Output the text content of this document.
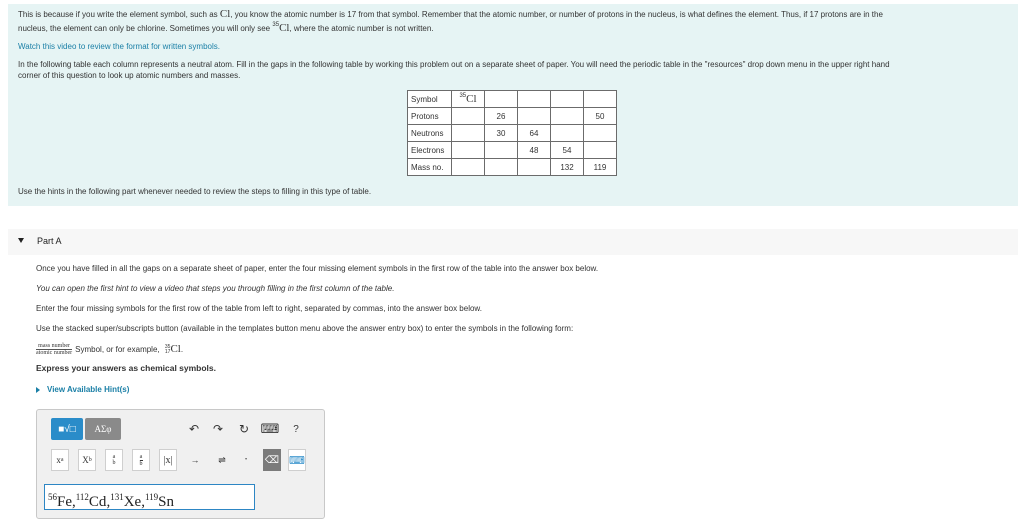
This is because if you write the element symbol, such as Cl, you know the atomic number is 17 from that symbol. Remember that the atomic number, or number of protons in the nucleus, is what defines the element. Thus, if 17 protons are in the
nucleus, the element can only be chlorine. Sometimes you will only see $^{35}$Cl, where the atomic number is not written.
Watch this video to review the format for written symbols.
In the following table each column represents a neutral atom. Fill in the gaps in the following table by working this problem out on a separate sheet of paper. You will need the periodic table in the "resources" drop down menu in the upper right hand
corner of this question to look up atomic numbers and masses.
Symbol	$^{35}$Cl				
Protons		26			50
Neutrons		30	64		
Electrons			48	54	
Mass no.				132	119
Use the hints in the following part whenever needed to review the steps to filling in this type of table.
Part A
Once you have filled in all the gaps on a separate sheet of paper, enter the four missing element symbols in the first row of the table into the answer box below.
You can open the first hint to view a video that steps you through filling in the first column of the table.
Enter the four missing symbols for the first row of the table from left to right, separated by commas, into the answer box below.
Use the stacked super/subscripts button (available in the templates button menu above the answer entry box) to enter the symbols in the following form:
mass number
atomic number Symbol, or for example, 35
17 Cl.
Express your answers as chemical symbols.
View Available Hint(s)
■√□	AΣφ	↶ ↷ ↻ ⌨	?
x a X b	a
b	$\frac{a}{b} |x|$	→	⇌	•	⌫ ⌨
$^{56}$Fe,$^{112}$Cd,$^{131}$Xe,$^{119}$Sn
